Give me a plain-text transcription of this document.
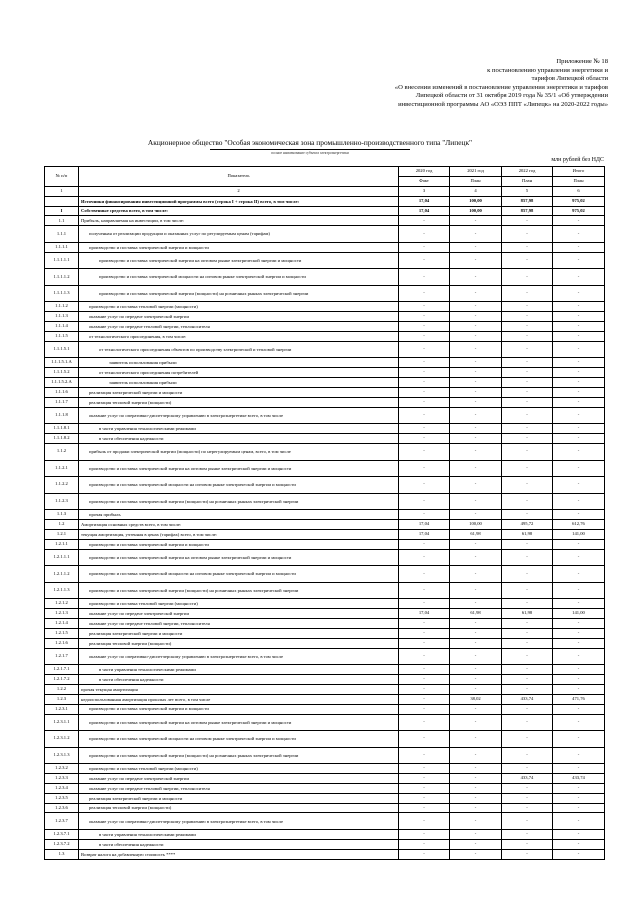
Приложение № 18
к постановлению управления энергетики и
тарифов Липецкой области
«О внесении изменений в постановление управления энергетики и тарифов
Липецкой области от 31 октября 2019 года № 35/1 «Об утверждении
инвестиционной программы АО «ОЭЗ ППТ «Липецк» на 2020-2022 годы»
Акционерное общество "Особая экономическая зона промышленно-производственного типа "Липецк"
полное наименование субъекта электроэнергетики
млн рублей без НДС
№ п/п	Показатель	2020 год	2021 год	2022 год	Итого
		Факт	План	План	План
1	2	3	4	5	6
	Источники финансирования инвестиционной программы всего (строка I + строка II) всего, в том числе:	17,04	100,00	857,98	975,02
I	Собственные средства всего, в том числе:	17,04	100,00	857,98	975,02
1.1	Прибыль, направляемая на инвестиции, в том числе:	-	-	-	-
1.1.1	полученная от реализации продукции и оказанных услуг по регулируемым ценам (тарифам)	-	-	-	-
1.1.1.1	производство и поставка электрической энергии и мощности	-	-	-	-
1.1.1.1.1	производство и поставка электрической энергии на оптовом рынке электрической энергии и мощности	-	-	-	-
1.1.1.1.2	производство и поставка электрической мощности на оптовом рынке электрической энергии и мощности	-	-	-	-
1.1.1.1.3	производство и поставка электрической энергии (мощности) на розничных рынках электрической энергии	-	-	-	-
1.1.1.2	производство и поставка тепловой энергии (мощности)	-	-	-	-
1.1.1.3	оказание услуг по передаче электрической энергии	-	-	-	-
1.1.1.4	оказание услуг по передаче тепловой энергии, теплоносителя	-	-	-	-
1.1.1.5	от технологического присоединения, в том числе:	-	-	-	-
1.1.1.5.1	от технологического присоединения объектов по производству электрической и тепловой энергии	-	-	-	-
1.1.1.5.1.A	заявитель использования прибыли	-	-	-	-
1.1.1.5.2	от технологического присоединения потребителей	-	-	-	-
1.1.1.5.2.A	заявитель использования прибыли	-	-	-	-
1.1.1.6	реализация электрической энергии и мощности	-	-	-	-
1.1.1.7	реализация тепловой энергии (мощности)	-	-	-	-
1.1.1.8	оказание услуг по оперативно-диспетчерскому управлению в электроэнергетике всего, в том числе	-	-	-	-
1.1.1.8.1	в части управления технологическими режимами	-	-	-	-
1.1.1.8.2	в части обеспечения надежности	-	-	-	-
1.1.2	прибыль от продажи электрической энергии (мощности) по нерегулируемым ценам, всего, в том числе	-	-	-	-
1.1.2.1	производство и поставка электрической энергии на оптовом рынке электрической энергии и мощности	-	-	-	-
1.1.2.2	производство и поставка электрической мощности на оптовом рынке электрической энергии и мощности	-	-	-	-
1.1.2.3	производство и поставка электрической энергии (мощности) на розничных рынках электрической энергии	-	-	-	-
1.1.3	прочая прибыль	-	-	-	-
1.2	Амортизация основных средств всего, в том числе:	17,04	100,00	495,72	612,76
1.2.1	текущая амортизация, учтенная в ценах (тарифах) всего, в том числе:	17,04	61,98	61,98	141,00
1.2.1.1	производство и поставка электрической энергии и мощности	-	-	-	-
1.2.1.1.1	производство и поставка электрической энергии на оптовом рынке электрической энергии и мощности	-	-	-	-
1.2.1.1.2	производство и поставка электрической мощности на оптовом рынке электрической энергии и мощности	-	-	-	-
1.2.1.1.3	производство и поставка электрической энергии (мощности) на розничных рынках электрической энергии	-	-	-	-
1.2.1.2	производство и поставка тепловой энергии (мощности)	-	-	-	-
1.2.1.3	оказание услуг по передаче электрической энергии	17,04	61,98	61,98	141,00
1.2.1.4	оказание услуг по передаче тепловой энергии, теплоносителя	-	-	-	-
1.2.1.5	реализация электрической энергии и мощности	-	-	-	-
1.2.1.6	реализация тепловой энергии (мощности)	-	-	-	-
1.2.1.7	оказание услуг по оперативно-диспетчерскому управлению в электроэнергетике всего, в том числе	-	-	-	-
1.2.1.7.1	в части управления технологическими режимами	-	-	-	-
1.2.1.7.2	в части обеспечения надежности	-	-	-	-
1.2.2	прочая текущая амортизация	-	-	-	-
1.2.3	недоиспользованная амортизация прошлых лет всего, в том числе	-	38,02	433,74	471,76
1.2.3.1	производство и поставка электрической энергии и мощности	-	-	-	-
1.2.3.1.1	производство и поставка электрической энергии на оптовом рынке электрической энергии и мощности	-	-	-	-
1.2.3.1.2	производство и поставка электрической мощности на оптовом рынке электрической энергии и мощности	-	-	-	-
1.2.3.1.3	производство и поставка электрической энергии (мощности) на розничных рынках электрической энергии	-	-	-	-
1.2.3.2	производство и поставка тепловой энергии (мощности)	-	-	-	-
1.2.3.3	оказание услуг по передаче электрической энергии	-	-	433,74	433,74
1.2.3.4	оказание услуг по передаче тепловой энергии, теплоносителя	-	-	-	-
1.2.3.5	реализация электрической энергии и мощности	-	-	-	-
1.2.3.6	реализация тепловой энергии (мощности)	-	-	-	-
1.2.3.7	оказание услуг по оперативно-диспетчерскому управлению в электроэнергетике всего, в том числе	-	-	-	-
1.2.3.7.1	в части управления технологическими режимами	-	-	-	-
1.2.3.7.2	в части обеспечения надежности	-	-	-	-
1.3	Возврат налога на добавленную стоимость ****	-	-	-	-
